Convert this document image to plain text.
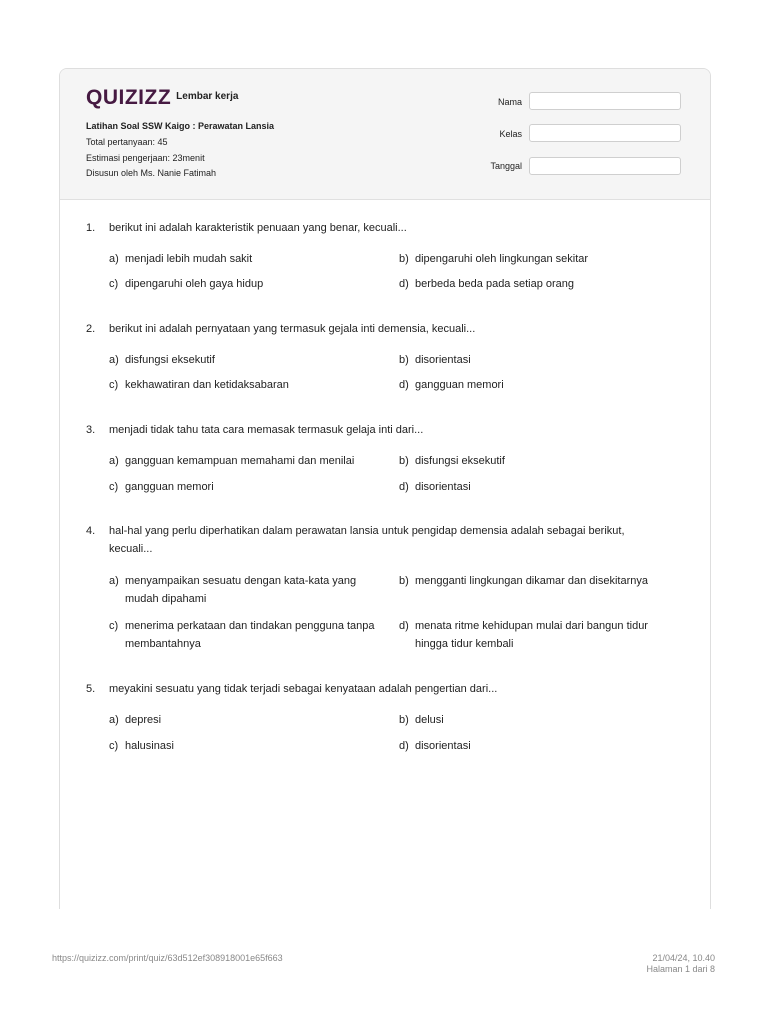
QUIZIZZ Lembar kerja
Latihan Soal SSW Kaigo : Perawatan Lansia
Total pertanyaan: 45
Estimasi pengerjaan: 23menit
Disusun oleh Ms. Nanie Fatimah
Nama
Kelas
Tanggal
1. berikut ini adalah karakteristik penuaan yang benar, kecuali...
a) menjadi lebih mudah sakit	b) dipengaruhi oleh lingkungan sekitar
c) dipengaruhi oleh gaya hidup	d) berbeda beda pada setiap orang
2. berikut ini adalah pernyataan yang termasuk gejala inti demensia, kecuali...
a) disfungsi eksekutif	b) disorientasi
c) kekhawatiran dan ketidaksabaran	d) gangguan memori
3. menjadi tidak tahu tata cara memasak termasuk gelaja inti dari...
a) gangguan kemampuan memahami dan menilai	b) disfungsi eksekutif
c) gangguan memori	d) disorientasi
4. hal-hal yang perlu diperhatikan dalam perawatan lansia untuk pengidap demensia adalah sebagai berikut, kecuali...
a) menyampaikan sesuatu dengan kata-kata yang mudah dipahami
b) mengganti lingkungan dikamar dan disekitarnya
c) menerima perkataan dan tindakan pengguna tanpa membantahnya
d) menata ritme kehidupan mulai dari bangun tidur hingga tidur kembali
5. meyakini sesuatu yang tidak terjadi sebagai kenyataan adalah pengertian dari...
a) depresi	b) delusi
c) halusinasi	d) disorientasi
https://quizizz.com/print/quiz/63d512ef308918001e65f663	21/04/24, 10.40
Halaman 1 dari 8
